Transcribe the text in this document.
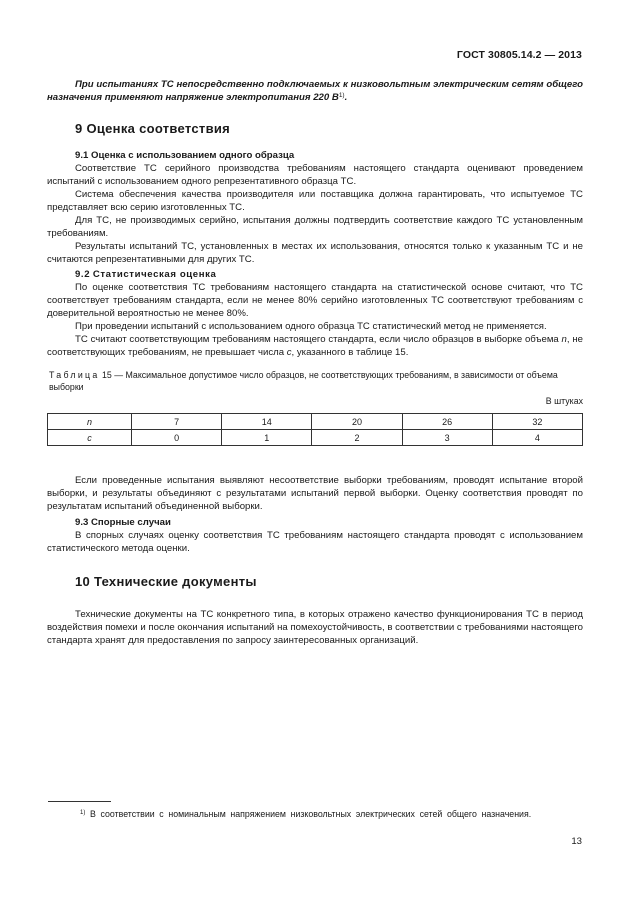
ГОСТ 30805.14.2 — 2013

При испытаниях ТС непосредственно подключаемых к низковольтным электрическим сетям общего назначения применяют напряжение электропитания 220 $В^{1)}$.

9 Оценка соответствия
9.1 Оценка с использованием одного образца

Соответствие ТС серийного производства требованиям настоящего стандарта оценивают проведением испытаний с использованием одного репрезентативного образца ТС.

Система обеспечения качества производителя или поставщика должна гарантировать, что испытуемое ТС представляет всю серию изготовленных ТС.

Для ТС, не производимых серийно, испытания должны подтвердить соответствие каждого ТС установленным требованиям.

Результаты испытаний ТС, установленных в местах их использования, относятся только к указанным ТС и не считаются репрезентативными для других ТС.

9.2 Статистическая оценка

По оценке соответствия ТС требованиям настоящего стандарта на статистической основе считают, что ТС соответствует требованиям стандарта, если не менее 80% серийно изготовленных ТС соответствуют требованиям с доверительной вероятностью не менее 80%.

При проведении испытаний с использованием одного образца ТС статистический метод не применяется.

ТС считают соответствующим требованиям настоящего стандарта, если число образцов в выборке объема n, не соответствующих требованиям, не превышает числа c, указанного в таблице 15.

Таблица 15 — Максимальное допустимое число образцов, не соответствующих требованиям, в зависимости от объема выборки

В штуках

n	7	14	20	26	32
c	0	1	2	3	4

Если проведенные испытания выявляют несоответствие выборки требованиям, проводят испытание второй выборки, и результаты объединяют с результатами испытаний первой выборки. Оценку соответствия проводят по результатам испытаний объединенной выборки.

9.3 Спорные случаи

В спорных случаях оценку соответствия ТС требованиям настоящего стандарта проводят с использованием статистического метода оценки.

10 Технические документы

Технические документы на ТС конкретного типа, в которых отражено качество функционирования ТС в период воздействия помехи и после окончания испытаний на помехоустойчивость, в соответствии с требованиями настоящего стандарта хранят для предоставления по запросу заинтересованных организаций.

$^{1)}$ В соответствии с номинальным напряжением низковольтных электрических сетей общего назначения.
13
